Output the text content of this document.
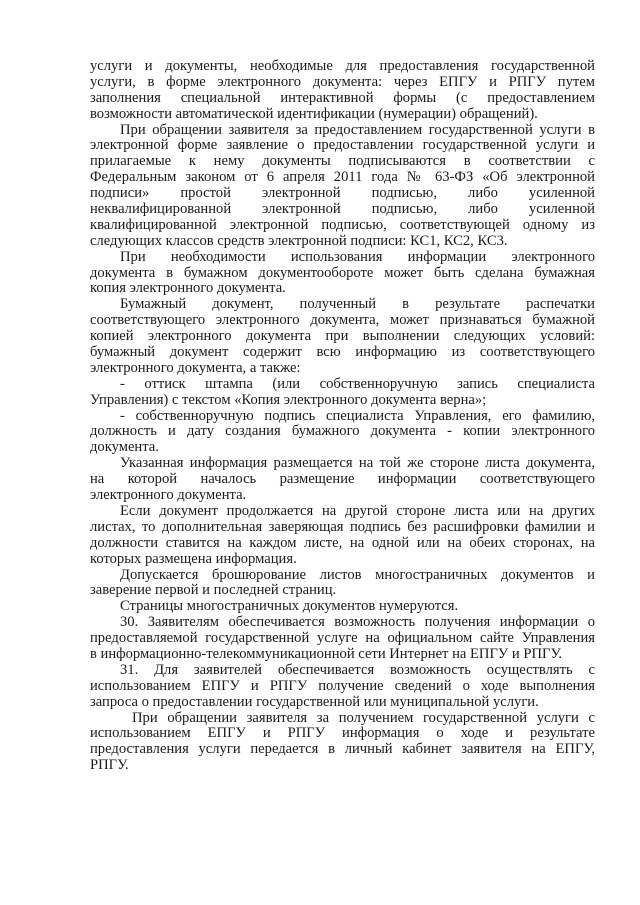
услуги и документы, необходимые для предоставления государственной
услуги, в форме электронного документа: через ЕПГУ и РПГУ путем
заполнения специальной интерактивной формы (с предоставлением
возможности автоматической идентификации (нумерации) обращений).
При обращении заявителя за предоставлением государственной услуги в
электронной форме заявление о предоставлении государственной услуги и
прилагаемые к нему документы подписываются в соответствии с
Федеральным законом от 6 апреля 2011 года № 63-ФЗ «Об электронной
подписи» простой электронной подписью, либо усиленной
неквалифицированной электронной подписью, либо усиленной
квалифицированной электронной подписью, соответствующей одному из
следующих классов средств электронной подписи: КС1, КС2, КС3.
При необходимости использования информации электронного
документа в бумажном документообороте может быть сделана бумажная
копия электронного документа.
Бумажный документ, полученный в результате распечатки
соответствующего электронного документа, может признаваться бумажной
копией электронного документа при выполнении следующих условий:
бумажный документ содержит всю информацию из соответствующего
электронного документа, а также:
- оттиск штампа (или собственноручную запись специалиста
Управления) с текстом «Копия электронного документа верна»;
- собственноручную подпись специалиста Управления, его фамилию,
должность и дату создания бумажного документа - копии электронного
документа.
Указанная информация размещается на той же стороне листа документа,
на которой началось размещение информации соответствующего
электронного документа.
Если документ продолжается на другой стороне листа или на других
листах, то дополнительная заверяющая подпись без расшифровки фамилии и
должности ставится на каждом листе, на одной или на обеих сторонах, на
которых размещена информация.
Допускается брошюрование листов многостраничных документов и
заверение первой и последней страниц.
Страницы многостраничных документов нумеруются.
30. Заявителям обеспечивается возможность получения информации о
предоставляемой государственной услуге на официальном сайте Управления
в информационно-телекоммуникационной сети Интернет на ЕПГУ и РПГУ.
31. Для заявителей обеспечивается возможность осуществлять с
использованием ЕПГУ и РПГУ получение сведений о ходе выполнения
запроса о предоставлении государственной или муниципальной услуги.
При обращении заявителя за получением государственной услуги с
использованием ЕПГУ и РПГУ информация о ходе и результате
предоставления услуги передается в личный кабинет заявителя на ЕПГУ,
РПГУ.
